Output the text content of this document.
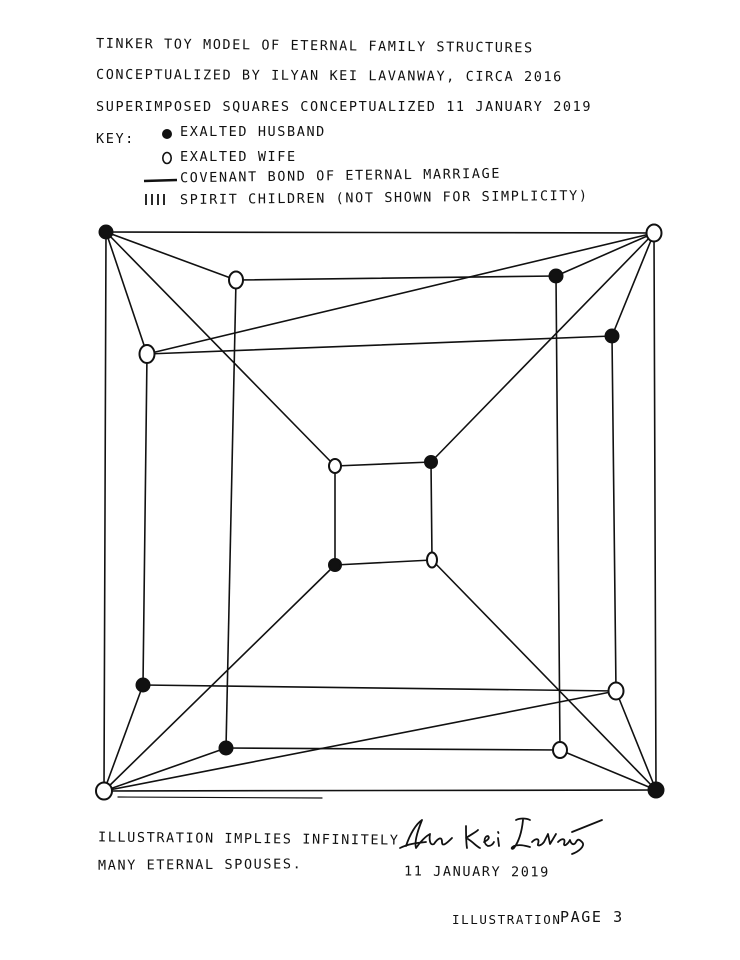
TINKER TOY MODEL OF ETERNAL FAMILY STRUCTURES
CONCEPTUALIZED BY ILYAN KEI LAVANWAY, CIRCA 2016
SUPERIMPOSED SQUARES CONCEPTUALIZED 11 JANUARY 2019
KEY:	EXALTED HUSBAND
EXALTED WIFE
COVENANT BOND OF ETERNAL MARRIAGE
SPIRIT CHILDREN (NOT SHOWN FOR SIMPLICITY)
ILLUSTRATION IMPLIES INFINITELY
MANY ETERNAL SPOUSES.	11 JANUARY 2019
ILLUSTRATION
PAGE 3
